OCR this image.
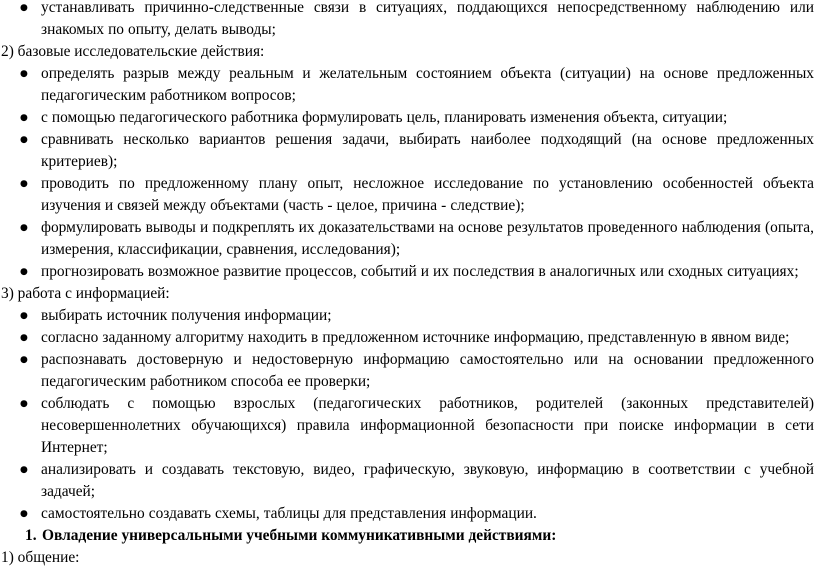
● устанавливать причинно-следственные связи в ситуациях, поддающихся непосредственному наблюдению или знакомых по опыту, делать выводы;
2) базовые исследовательские действия:
● определять разрыв между реальным и желательным состоянием объекта (ситуации) на основе предложенных педагогическим работником вопросов;
● с помощью педагогического работника формулировать цель, планировать изменения объекта, ситуации;
● сравнивать несколько вариантов решения задачи, выбирать наиболее подходящий (на основе предложенных критериев);
● проводить по предложенному плану опыт, несложное исследование по установлению особенностей объекта изучения и связей между объектами (часть - целое, причина - следствие);
● формулировать выводы и подкреплять их доказательствами на основе результатов проведенного наблюдения (опыта, измерения, классификации, сравнения, исследования);
● прогнозировать возможное развитие процессов, событий и их последствия в аналогичных или сходных ситуациях;
3) работа с информацией:
● выбирать источник получения информации;
● согласно заданному алгоритму находить в предложенном источнике информацию, представленную в явном виде;
● распознавать достоверную и недостоверную информацию самостоятельно или на основании предложенного педагогическим работником способа ее проверки;
● соблюдать с помощью взрослых (педагогических работников, родителей (законных представителей) несовершеннолетних обучающихся) правила информационной безопасности при поиске информации в сети Интернет;
● анализировать и создавать текстовую, видео, графическую, звуковую, информацию в соответствии с учебной задачей;
● самостоятельно создавать схемы, таблицы для представления информации.
1. Овладение универсальными учебными коммуникативными действиями:
1) общение:
